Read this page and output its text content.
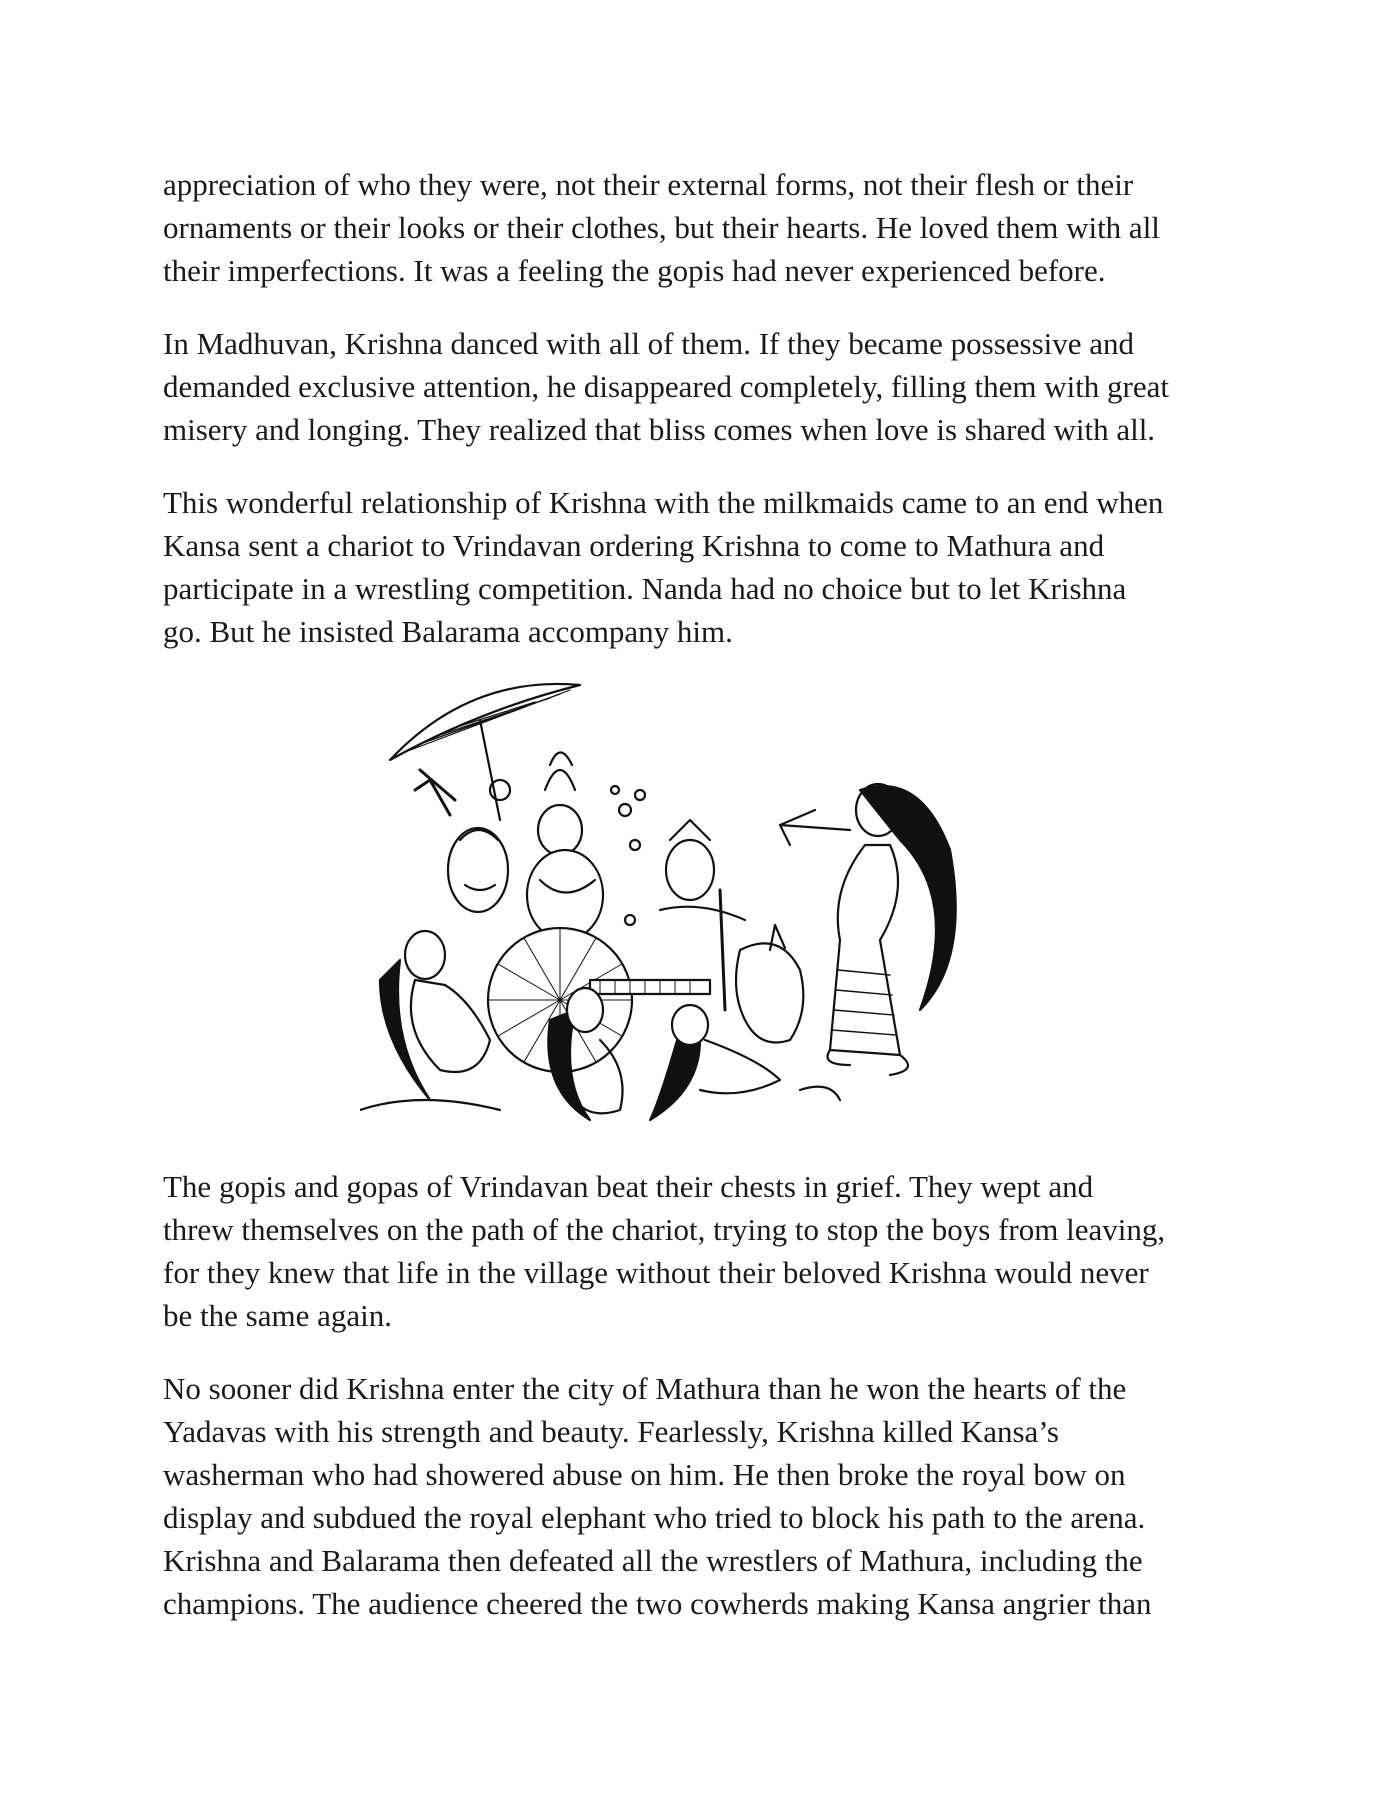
appreciation of who they were, not their external forms, not their flesh or their
ornaments or their looks or their clothes, but their hearts. He loved them with all
their imperfections. It was a feeling the gopis had never experienced before.

In Madhuvan, Krishna danced with all of them. If they became possessive and
demanded exclusive attention, he disappeared completely, filling them with great
misery and longing. They realized that bliss comes when love is shared with all.

This wonderful relationship of Krishna with the milkmaids came to an end when
Kansa sent a chariot to Vrindavan ordering Krishna to come to Mathura and
participate in a wrestling competition. Nanda had no choice but to let Krishna
go. But he insisted Balarama accompany him.

The gopis and gopas of Vrindavan beat their chests in grief. They wept and
threw themselves on the path of the chariot, trying to stop the boys from leaving,
for they knew that life in the village without their beloved Krishna would never
be the same again.

No sooner did Krishna enter the city of Mathura than he won the hearts of the
Yadavas with his strength and beauty. Fearlessly, Krishna killed Kansa’s
washerman who had showered abuse on him. He then broke the royal bow on
display and subdued the royal elephant who tried to block his path to the arena.
Krishna and Balarama then defeated all the wrestlers of Mathura, including the
champions. The audience cheered the two cowherds making Kansa angrier than
